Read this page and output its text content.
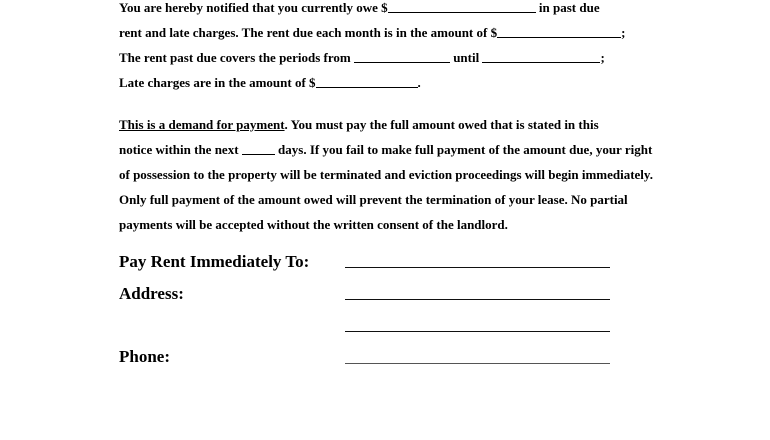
You are hereby notified that you currently owe $	in past due
rent and late charges. The rent due each month is in the amount of $	;
The rent past due covers the periods from	until	;
Late charges are in the amount of $	.
This is a demand for payment. You must pay the full amount owed that is stated in this
notice within the next	days. If you fail to make full payment of the amount due, your right
of possession to the property will be terminated and eviction proceedings will begin immediately.
Only full payment of the amount owed will prevent the termination of your lease. No partial
payments will be accepted without the written consent of the landlord.
Pay Rent Immediately To:
Address:
Phone:
